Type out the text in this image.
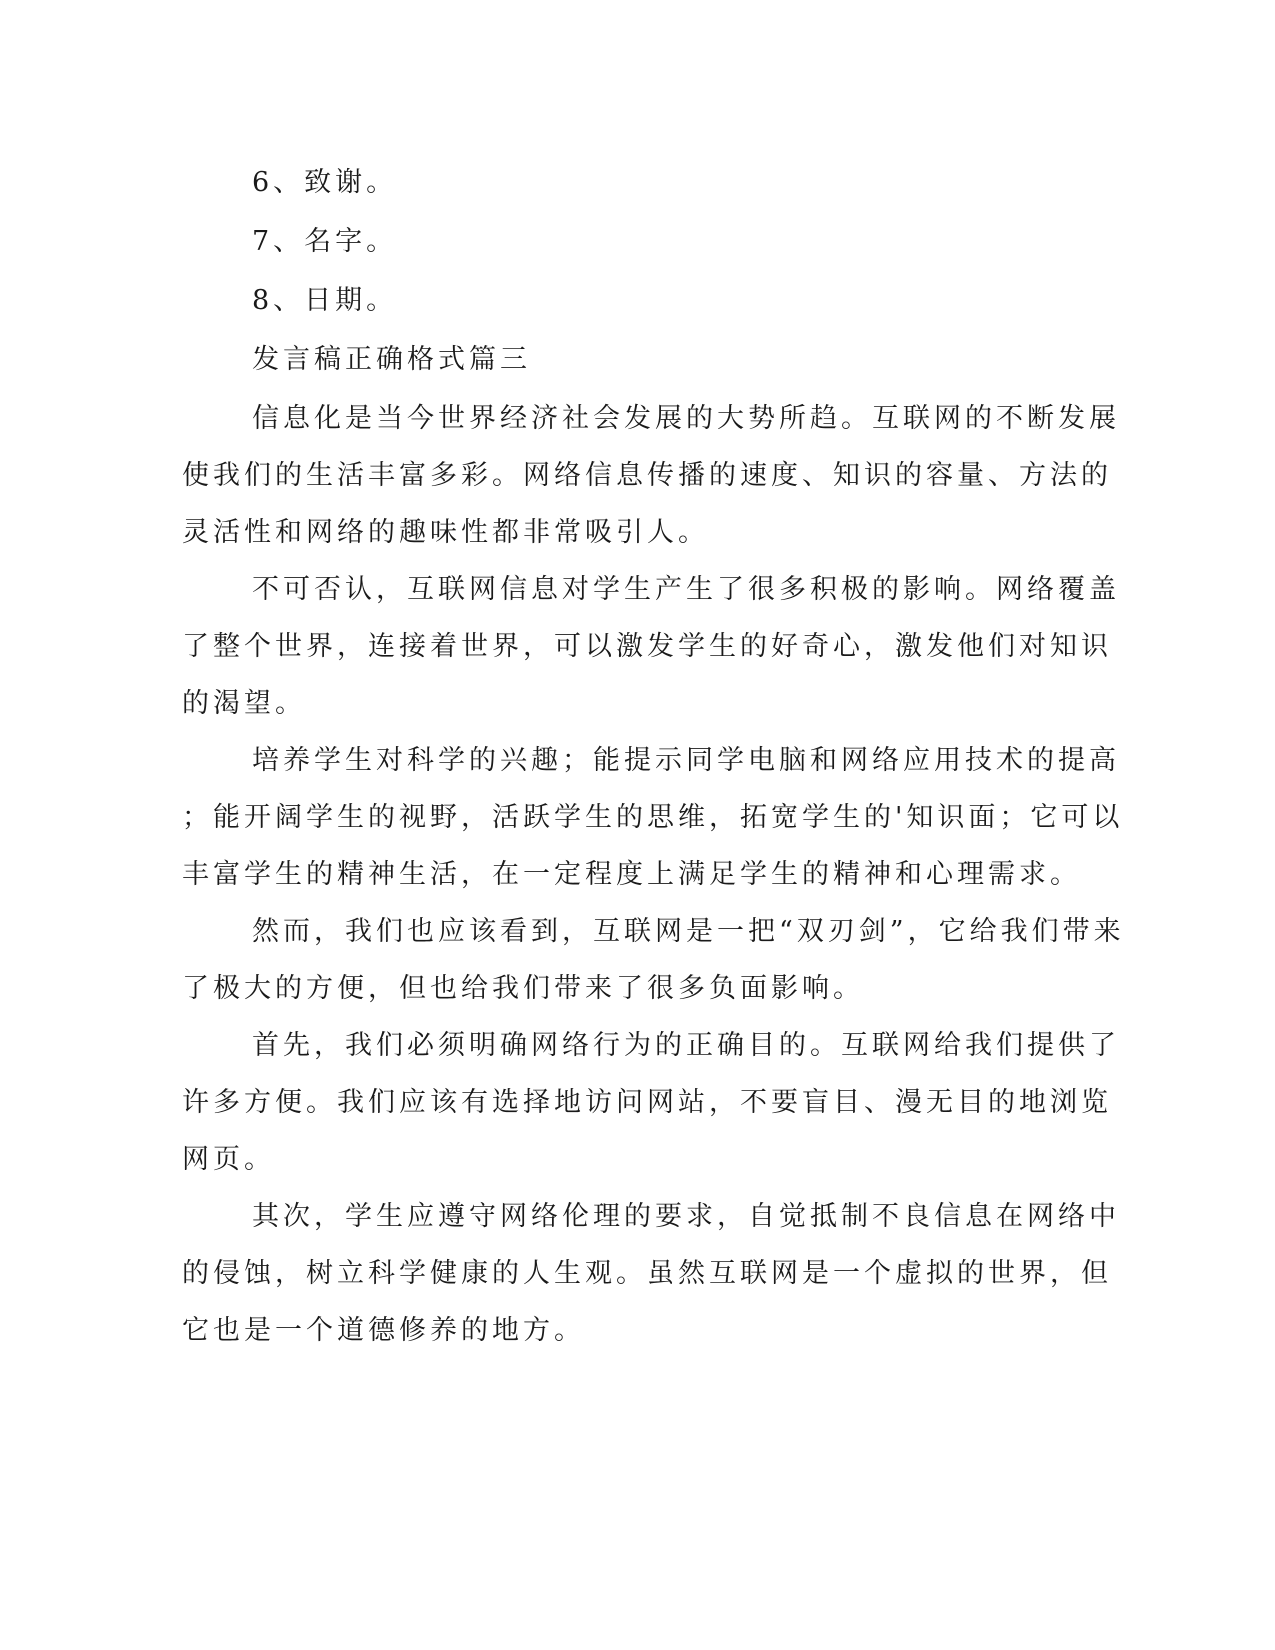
6、致谢。

7、名字。

8、日期。

发言稿正确格式篇三

信息化是当今世界经济社会发展的大势所趋。互联网的不断发展

使我们的生活丰富多彩。网络信息传播的速度、知识的容量、方法的

灵活性和网络的趣味性都非常吸引人。

不可否认，互联网信息对学生产生了很多积极的影响。网络覆盖

了整个世界，连接着世界，可以激发学生的好奇心，激发他们对知识

的渴望。

培养学生对科学的兴趣；能提示同学电脑和网络应用技术的提高

；能开阔学生的视野，活跃学生的思维，拓宽学生的'知识面；它可以

丰富学生的精神生活，在一定程度上满足学生的精神和心理需求。

然而，我们也应该看到，互联网是一把“双刃剑”，它给我们带来

了极大的方便，但也给我们带来了很多负面影响。

首先，我们必须明确网络行为的正确目的。互联网给我们提供了

许多方便。我们应该有选择地访问网站，不要盲目、漫无目的地浏览

网页。

其次，学生应遵守网络伦理的要求，自觉抵制不良信息在网络中

的侵蚀，树立科学健康的人生观。虽然互联网是一个虚拟的世界，但

它也是一个道德修养的地方。
